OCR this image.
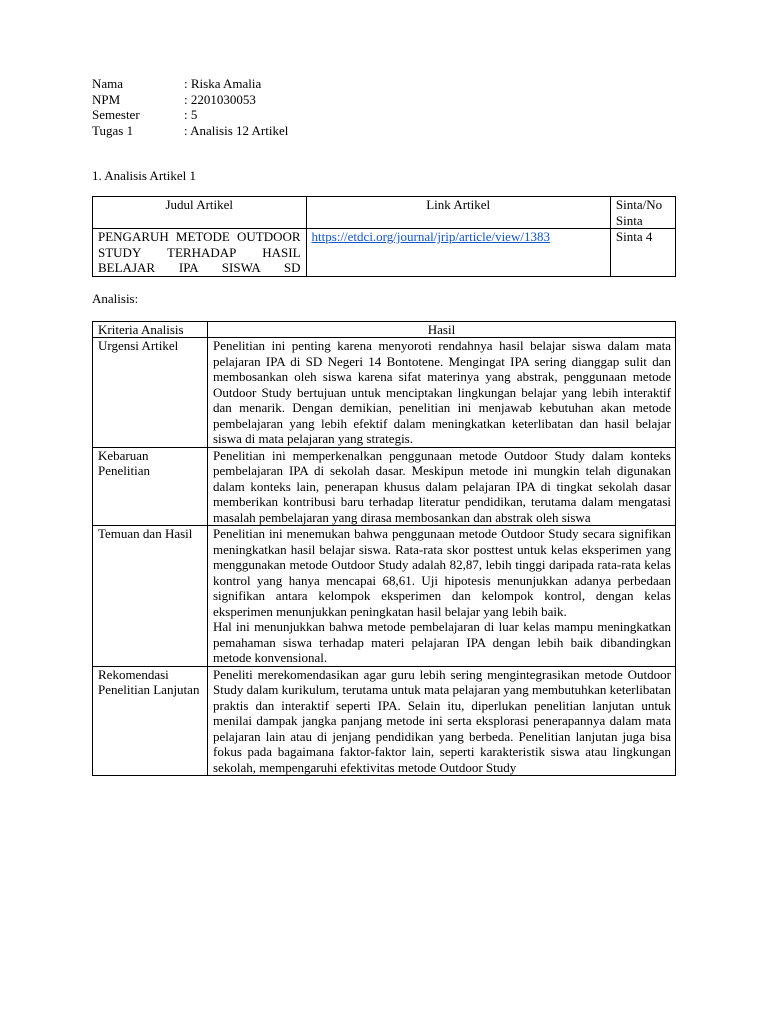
Nama	: Riska Amalia
NPM	: 2201030053
Semester	: 5
Tugas 1	: Analisis 12 Artikel
1. Analisis Artikel 1
Judul Artikel	Link Artikel	Sinta/No Sinta
PENGARUH METODE OUTDOOR STUDY TERHADAP HASIL BELAJAR IPA SISWA SD	https://etdci.org/journal/jrip/article/view/1383	Sinta 4
Analisis:
Kriteria Analisis	Hasil
Urgensi Artikel	Penelitian ini penting karena menyoroti rendahnya hasil belajar siswa dalam mata pelajaran IPA di SD Negeri 14 Bontotene. Mengingat IPA sering dianggap sulit dan membosankan oleh siswa karena sifat materinya yang abstrak, penggunaan metode Outdoor Study bertujuan untuk menciptakan lingkungan belajar yang lebih interaktif dan menarik. Dengan demikian, penelitian ini menjawab kebutuhan akan metode pembelajaran yang lebih efektif dalam meningkatkan keterlibatan dan hasil belajar siswa di mata pelajaran yang strategis.
Kebaruan Penelitian	Penelitian ini memperkenalkan penggunaan metode Outdoor Study dalam konteks pembelajaran IPA di sekolah dasar. Meskipun metode ini mungkin telah digunakan dalam konteks lain, penerapan khusus dalam pelajaran IPA di tingkat sekolah dasar memberikan kontribusi baru terhadap literatur pendidikan, terutama dalam mengatasi masalah pembelajaran yang dirasa membosankan dan abstrak oleh siswa
Temuan dan Hasil	Penelitian ini menemukan bahwa penggunaan metode Outdoor Study secara signifikan meningkatkan hasil belajar siswa. Rata-rata skor posttest untuk kelas eksperimen yang menggunakan metode Outdoor Study adalah 82,87, lebih tinggi daripada rata-rata kelas kontrol yang hanya mencapai 68,61. Uji hipotesis menunjukkan adanya perbedaan signifikan antara kelompok eksperimen dan kelompok kontrol, dengan kelas eksperimen menunjukkan peningkatan hasil belajar yang lebih baik.
Hal ini menunjukkan bahwa metode pembelajaran di luar kelas mampu meningkatkan pemahaman siswa terhadap materi pelajaran IPA dengan lebih baik dibandingkan metode konvensional.

Rekomendasi Penelitian Lanjutan	Peneliti merekomendasikan agar guru lebih sering mengintegrasikan metode Outdoor Study dalam kurikulum, terutama untuk mata pelajaran yang membutuhkan keterlibatan praktis dan interaktif seperti IPA. Selain itu, diperlukan penelitian lanjutan untuk menilai dampak jangka panjang metode ini serta eksplorasi penerapannya dalam mata pelajaran lain atau di jenjang pendidikan yang berbeda. Penelitian lanjutan juga bisa fokus pada bagaimana faktor-faktor lain, seperti karakteristik siswa atau lingkungan sekolah, mempengaruhi efektivitas metode Outdoor Study
